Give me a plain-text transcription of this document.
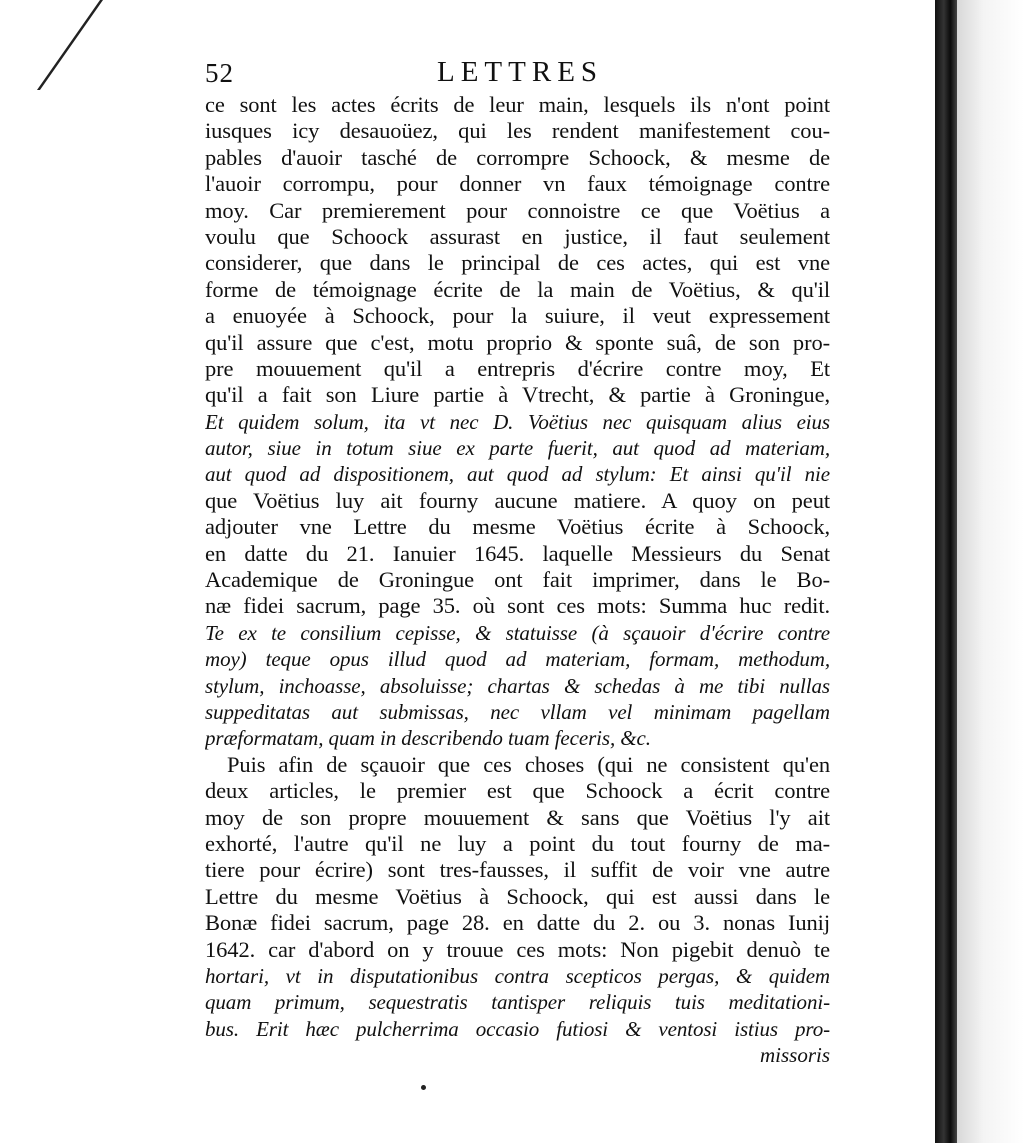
52	LETTRES
ce sont les actes écrits de leur main, lesquels ils n'ont point
iusques icy desauoüez, qui les rendent manifestement cou-
pables d'auoir tasché de corrompre Schoock, & mesme de
l'auoir corrompu, pour donner vn faux témoignage contre
moy. Car premierement pour connoistre ce que Voëtius a
voulu que Schoock assurast en justice, il faut seulement
considerer, que dans le principal de ces actes, qui est vne
forme de témoignage écrite de la main de Voëtius, & qu'il
a enuoyée à Schoock, pour la suiure, il veut expressement
qu'il assure que c'est, motu proprio & sponte suâ, de son pro-
pre mouuement qu'il a entrepris d'écrire contre moy, Et
qu'il a fait son Liure partie à Vtrecht, & partie à Groningue,
Et quidem solum, ita vt nec D. Voëtius nec quisquam alius eius
autor, siue in totum siue ex parte fuerit, aut quod ad materiam,
aut quod ad dispositionem, aut quod ad stylum: Et ainsi qu'il nie
que Voëtius luy ait fourny aucune matiere. A quoy on peut
adjouter vne Lettre du mesme Voëtius écrite à Schoock,
en datte du 21. Ianuier 1645. laquelle Messieurs du Senat
Academique de Groningue ont fait imprimer, dans le Bo-
næ fidei sacrum, page 35. où sont ces mots: Summa huc redit.
Te ex te consilium cepisse, & statuisse (à sçauoir d'écrire contre
moy) teque opus illud quod ad materiam, formam, methodum,
stylum, inchoasse, absoluisse; chartas & schedas à me tibi nullas
suppeditatas aut submissas, nec vllam vel minimam pagellam
præformatam, quam in describendo tuam feceris, &c.
Puis afin de sçauoir que ces choses (qui ne consistent qu'en
deux articles, le premier est que Schoock a écrit contre
moy de son propre mouuement & sans que Voëtius l'y ait
exhorté, l'autre qu'il ne luy a point du tout fourny de ma-
tiere pour écrire) sont tres-fausses, il suffit de voir vne autre
Lettre du mesme Voëtius à Schoock, qui est aussi dans le
Bonæ fidei sacrum, page 28. en datte du 2. ou 3. nonas Iunij
1642. car d'abord on y trouue ces mots: Non pigebit denuò te
hortari, vt in disputationibus contra scepticos pergas, & quidem
quam primum, sequestratis tantisper reliquis tuis meditationi-
bus. Erit hæc pulcherrima occasio futiosi & ventosi istius pro-
missoris
